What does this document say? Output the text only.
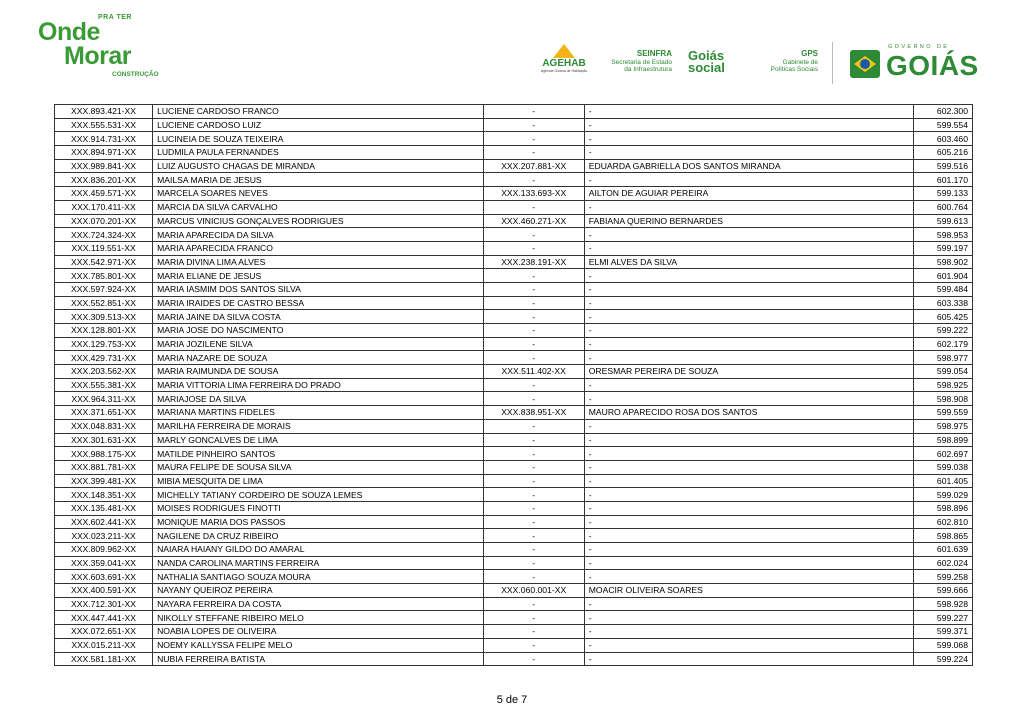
PRA TER
Onde
Morar
CONSTRUÇÃO
AGEHAB
Agência Goiana de Habitação
SEINFRA
Secretaria de Estado
da Infraestrutura
Goiás
social
GPS
Gabinete de
Políticas Sociais
GOVERNO DE
GOIÁS
XXX.893.421-XX	LUCIENE CARDOSO FRANCO	-	-	602.300
XXX.555.531-XX	LUCIENE CARDOSO LUIZ	-	-	599.554
XXX.914.731-XX	LUCINEIA DE SOUZA TEIXEIRA	-	-	603.460
XXX.894.971-XX	LUDMILA PAULA FERNANDES	-	-	605.216
XXX.989.841-XX	LUIZ AUGUSTO CHAGAS DE MIRANDA	XXX.207.881-XX	EDUARDA GABRIELLA DOS SANTOS MIRANDA	599.516
XXX.836.201-XX	MAILSA MARIA DE JESUS	-	-	601.170
XXX.459.571-XX	MARCELA SOARES NEVES	XXX.133.693-XX	AILTON DE AGUIAR PEREIRA	599.133
XXX.170.411-XX	MARCIA DA SILVA CARVALHO	-	-	600.764
XXX.070.201-XX	MARCUS VINICIUS GONÇALVES RODRIGUES	XXX.460.271-XX	FABIANA QUERINO BERNARDES	599.613
XXX.724.324-XX	MARIA APARECIDA DA SILVA	-	-	598.953
XXX.119.551-XX	MARIA APARECIDA FRANCO	-	-	599.197
XXX.542.971-XX	MARIA DIVINA LIMA ALVES	XXX.238.191-XX	ELMI ALVES DA SILVA	598.902
XXX.785.801-XX	MARIA ELIANE DE JESUS	-	-	601.904
XXX.597.924-XX	MARIA IASMIM DOS SANTOS SILVA	-	-	599.484
XXX.552.851-XX	MARIA IRAIDES DE CASTRO BESSA	-	-	603.338
XXX.309.513-XX	MARIA JAINE DA SILVA COSTA	-	-	605.425
XXX.128.801-XX	MARIA JOSE DO NASCIMENTO	-	-	599.222
XXX.129.753-XX	MARIA JOZILENE SILVA	-	-	602.179
XXX.429.731-XX	MARIA NAZARE DE SOUZA	-	-	598.977
XXX.203.562-XX	MARIA RAIMUNDA DE SOUSA	XXX.511.402-XX	ORESMAR PEREIRA DE SOUZA	599.054
XXX.555.381-XX	MARIA VITTORIA LIMA FERREIRA DO PRADO	-	-	598.925
XXX.964.311-XX	MARIAJOSE DA SILVA	-	-	598.908
XXX.371.651-XX	MARIANA MARTINS FIDELES	XXX.838.951-XX	MAURO APARECIDO ROSA DOS SANTOS	599.559
XXX.048.831-XX	MARILHA FERREIRA DE MORAIS	-	-	598.975
XXX.301.631-XX	MARLY GONCALVES DE LIMA	-	-	598.899
XXX.988.175-XX	MATILDE PINHEIRO SANTOS	-	-	602.697
XXX.881.781-XX	MAURA FELIPE DE SOUSA SILVA	-	-	599.038
XXX.399.481-XX	MIBIA MESQUITA DE LIMA	-	-	601.405
XXX.148.351-XX	MICHELLY TATIANY CORDEIRO DE SOUZA LEMES	-	-	599.029
XXX.135.481-XX	MOISES RODRIGUES FINOTTI	-	-	598.896
XXX.602.441-XX	MONIQUE MARIA DOS PASSOS	-	-	602.810
XXX.023.211-XX	NAGILENE DA CRUZ RIBEIRO	-	-	598.865
XXX.809.962-XX	NAIARA HAIANY GILDO DO AMARAL	-	-	601.639
XXX.359.041-XX	NANDA CAROLINA MARTINS FERREIRA	-	-	602.024
XXX.603.691-XX	NATHALIA SANTIAGO SOUZA MOURA	-	-	599.258
XXX.400.591-XX	NAYANY QUEIROZ PEREIRA	XXX.060.001-XX	MOACIR OLIVEIRA SOARES	599.666
XXX.712.301-XX	NAYARA FERREIRA DA COSTA	-	-	598.928
XXX.447.441-XX	NIKOLLY STEFFANE RIBEIRO MELO	-	-	599.227
XXX.072.651-XX	NOABIA LOPES DE OLIVEIRA	-	-	599.371
XXX.015.211-XX	NOEMY KALLYSSA FELIPE MELO	-	-	599.068
XXX.581.181-XX	NUBIA FERREIRA BATISTA	-	-	599.224
5 de 7
